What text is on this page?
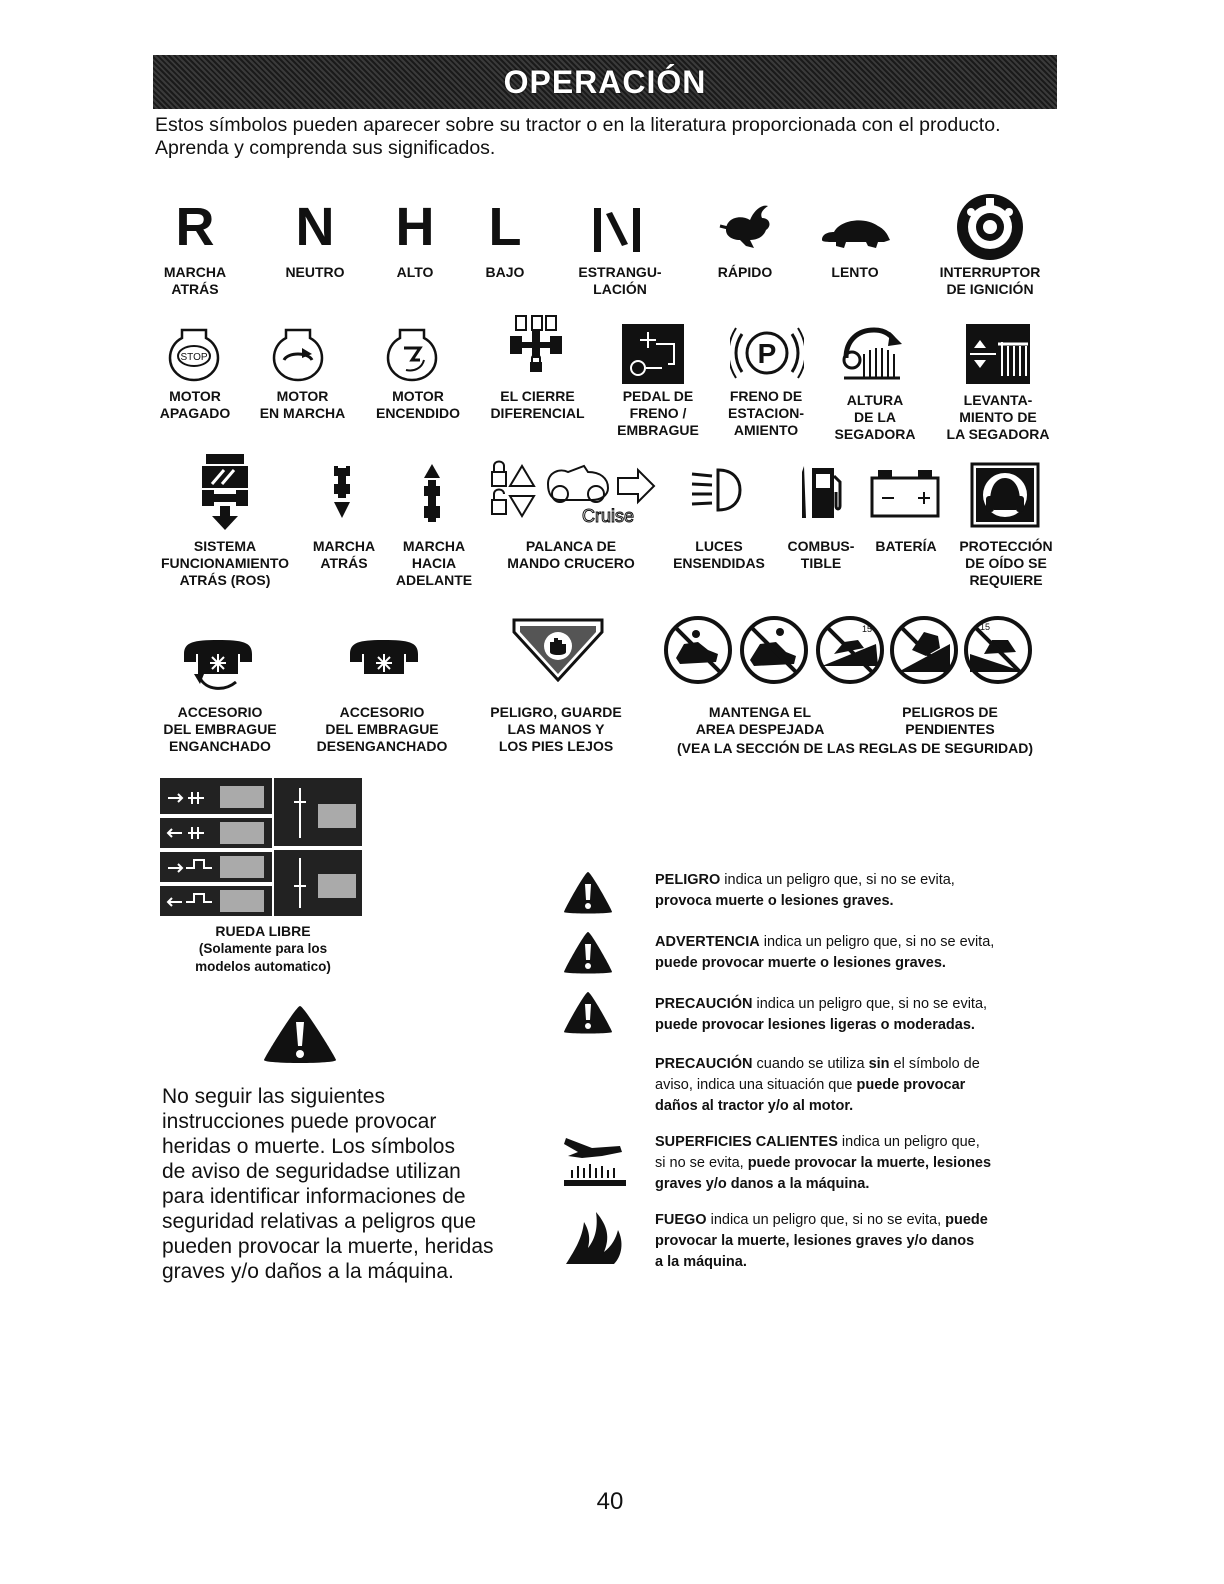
OPERACIÓN
Estos símbolos pueden aparecer sobre su tractor o en la literatura proporcionada con el producto.
Aprenda y comprenda sus significados.
R N H	L
MARCHA
ATRÁS
NEUTRO	ALTO	BAJO	ESTRANGU-
LACIÓN
RÁPIDO	LENTO	INTERRUPTOR
DE IGNICIÓN
STOP	P
MOTOR
APAGADO
MOTOR
EN MARCHA
MOTOR
ENCENDIDO
EL CIERRE
DIFERENCIAL
PEDAL DE
FRENO /
EMBRAGUE
FRENO DE
ESTACION-
AMIENTO
ALTURA
DE LA
SEGADORA
LEVANTA-
MIENTO DE
LA SEGADORA
Cruise
SISTEMA
FUNCIONAMIENTO
ATRÁS (ROS)
MARCHA
ATRÁS
MARCHA
HACIA
ADELANTE
PALANCA DE
MANDO CRUCERO
LUCES
ENSENDIDAS
COMBUS-
TIBLE
BATERÍA	PROTECCIÓN
DE OÍDO SE
REQUIERE
15	15
ACCESORIO
DEL EMBRAGUE
ENGANCHADO
ACCESORIO
DEL EMBRAGUE
DESENGANCHADO
PELIGRO, GUARDE
LAS MANOS Y
LOS PIES LEJOS
MANTENGA EL
AREA DESPEJADA
PELIGROS DE
PENDIENTES
(VEA LA SECCIÓN DE LAS REGLAS DE SEGURIDAD)
RUEDA LIBRE
(Solamente para los
modelos automatico)
No seguir las siguientes
instrucciones puede provocar
heridas o muerte. Los símbolos
de aviso de seguridadse utilizan
para identificar informaciones de
seguridad relativas a peligros que
pueden provocar la muerte, heridas
graves y/o daños a la máquina.
PELIGRO indica un peligro que, si no se evita,
provoca muerte o lesiones graves.
ADVERTENCIA indica un peligro que, si no se evita,
puede provocar muerte o lesiones graves.
PRECAUCIÓN indica un peligro que, si no se evita,
puede provocar lesiones ligeras o moderadas.
PRECAUCIÓN cuando se utiliza sin el símbolo de
aviso, indica una situación que puede provocar
daños al tractor y/o al motor.
SUPERFICIES CALIENTES indica un peligro que,
si no se evita, puede provocar la muerte, lesiones
graves y/o danos a la máquina.
FUEGO indica un peligro que, si no se evita, puede
provocar la muerte, lesiones graves y/o danos
a la máquina.
40
